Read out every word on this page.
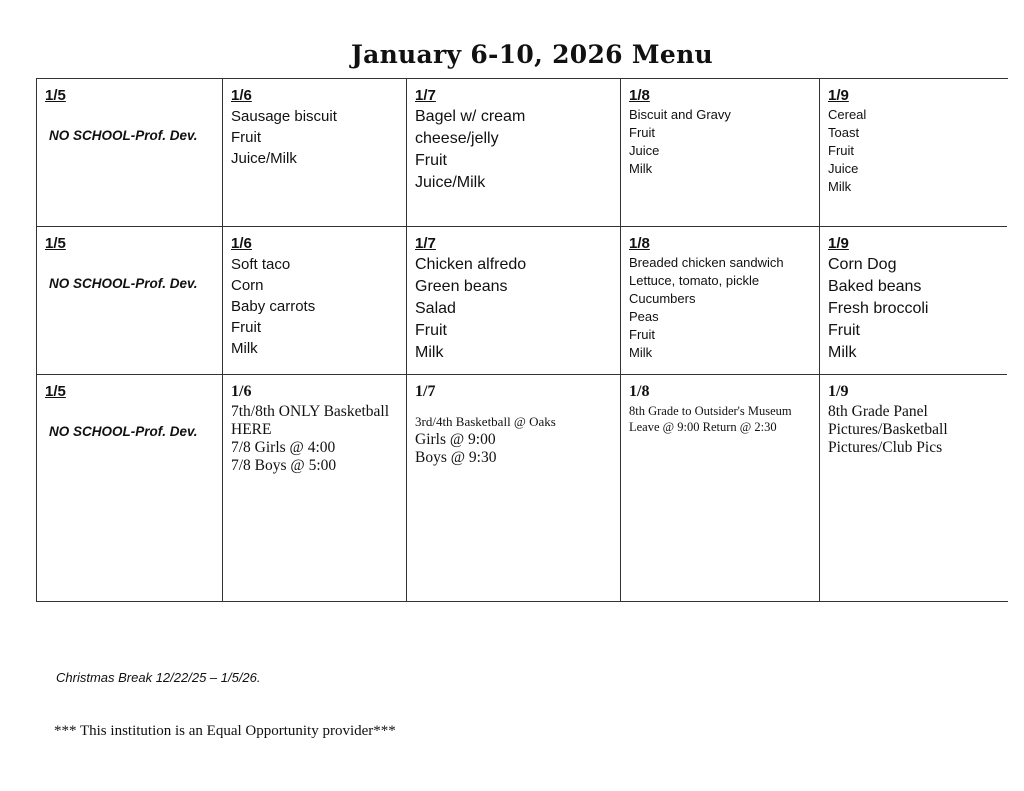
January 6-10, 2026 Menu
1/5
NO SCHOOL-Prof. Dev.
1/6
Sausage biscuit
Fruit
Juice/Milk
1/7
Bagel w/ cream
cheese/jelly
Fruit
Juice/Milk
1/8
Biscuit and Gravy
Fruit
Juice
Milk
1/9
Cereal
Toast
Fruit
Juice
Milk
1/5
NO SCHOOL-Prof. Dev.
1/6
Soft taco
Corn
Baby carrots
Fruit
Milk
1/7
Chicken alfredo
Green beans
Salad
Fruit
Milk
1/8
Breaded chicken sandwich
Lettuce, tomato, pickle
Cucumbers
Peas
Fruit
Milk
1/9
Corn Dog
Baked beans
Fresh broccoli
Fruit
Milk
1/5
NO SCHOOL-Prof. Dev.
1/6
7th/8th ONLY Basketball
HERE
7/8 Girls @ 4:00
7/8 Boys @ 5:00
1/7
3rd/4th Basketball @ Oaks
Girls @ 9:00
Boys @ 9:30
1/8
8th Grade to Outsider's Museum
Leave @ 9:00 Return @ 2:30
1/9
8th Grade Panel
Pictures/Basketball
Pictures/Club Pics
Christmas Break 12/22/25 – 1/5/26.
*** This institution is an Equal Opportunity provider***
